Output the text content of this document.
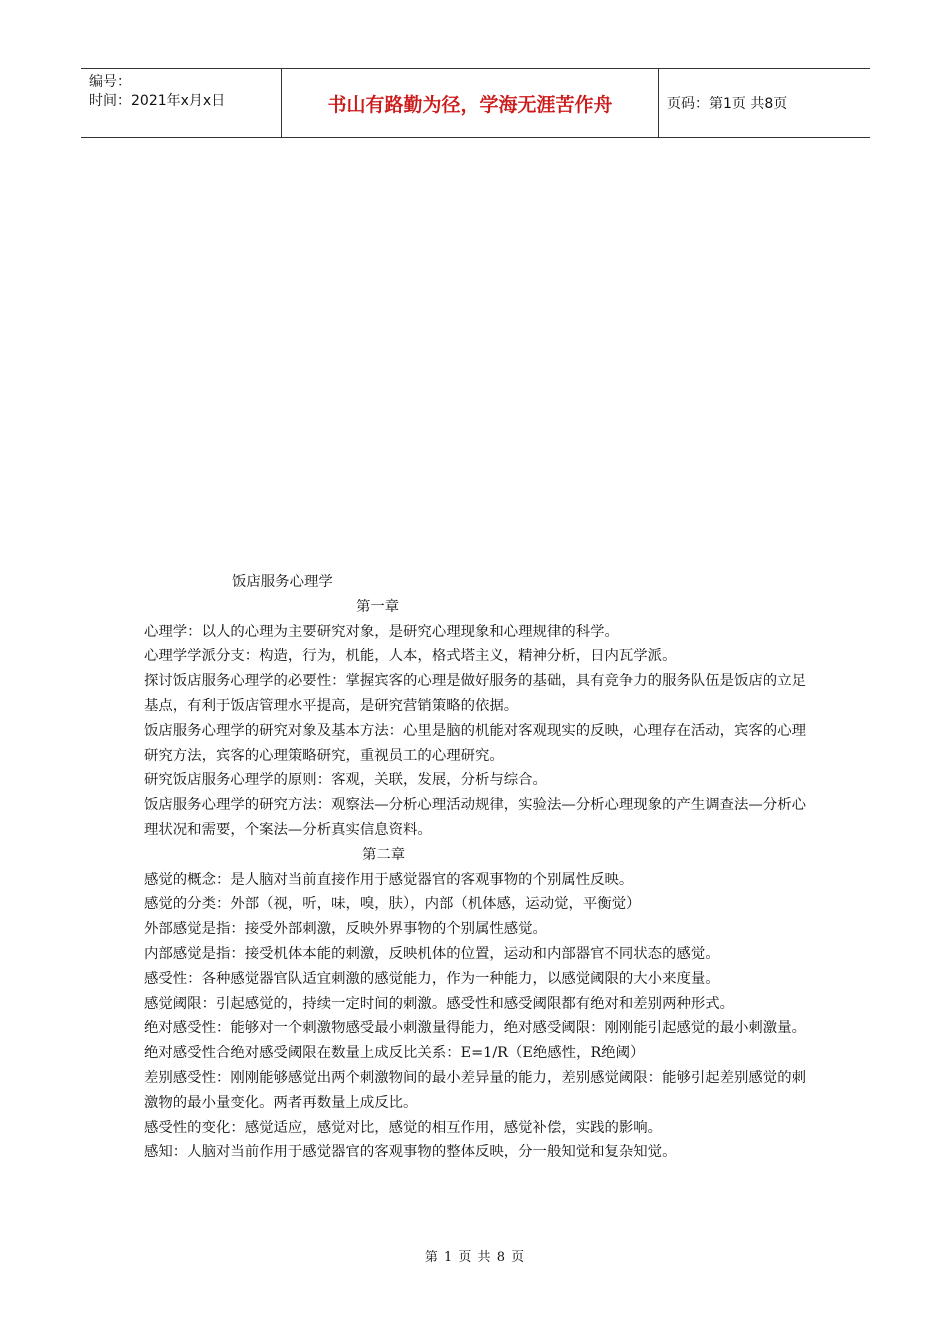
编号：
时间：2021年x月x日	书山有路勤为径，学海无涯苦作舟	页码：第1页 共8页

饭店服务心理学

第一章

心理学：以人的心理为主要研究对象，是研究心理现象和心理规律的科学。

心理学学派分支：构造，行为，机能，人本，格式塔主义，精神分析，日内瓦学派。

探讨饭店服务心理学的必要性：掌握宾客的心理是做好服务的基础，具有竞争力的服务队伍是饭店的立足基点，有利于饭店管理水平提高，是研究营销策略的依据。

饭店服务心理学的研究对象及基本方法：心里是脑的机能对客观现实的反映，心理存在活动，宾客的心理研究方法，宾客的心理策略研究，重视员工的心理研究。

研究饭店服务心理学的原则：客观，关联，发展，分析与综合。

饭店服务心理学的研究方法：观察法—分析心理活动规律，实验法—分析心理现象的产生调查法—分析心理状况和需要，个案法—分析真实信息资料。

第二章

感觉的概念：是人脑对当前直接作用于感觉器官的客观事物的个别属性反映。

感觉的分类：外部（视，听，味，嗅，肤），内部（机体感，运动觉，平衡觉）

外部感觉是指：接受外部刺激，反映外界事物的个别属性感觉。

内部感觉是指：接受机体本能的刺激，反映机体的位置，运动和内部器官不同状态的感觉。

感受性：各种感觉器官队适宜刺激的感觉能力，作为一种能力，以感觉阈限的大小来度量。

感觉阈限：引起感觉的，持续一定时间的刺激。感受性和感受阈限都有绝对和差别两种形式。

绝对感受性：能够对一个刺激物感受最小刺激量得能力，绝对感受阈限：刚刚能引起感觉的最小刺激量。绝对感受性合绝对感受阈限在数量上成反比关系：E=1/R（E绝感性，R绝阈）

差别感受性：刚刚能够感觉出两个刺激物间的最小差异量的能力，差别感觉阈限：能够引起差别感觉的刺激物的最小量变化。两者再数量上成反比。

感受性的变化：感觉适应，感觉对比，感觉的相互作用，感觉补偿，实践的影响。

感知：人脑对当前作用于感觉器官的客观事物的整体反映，分一般知觉和复杂知觉。

第 1 页 共 8 页
